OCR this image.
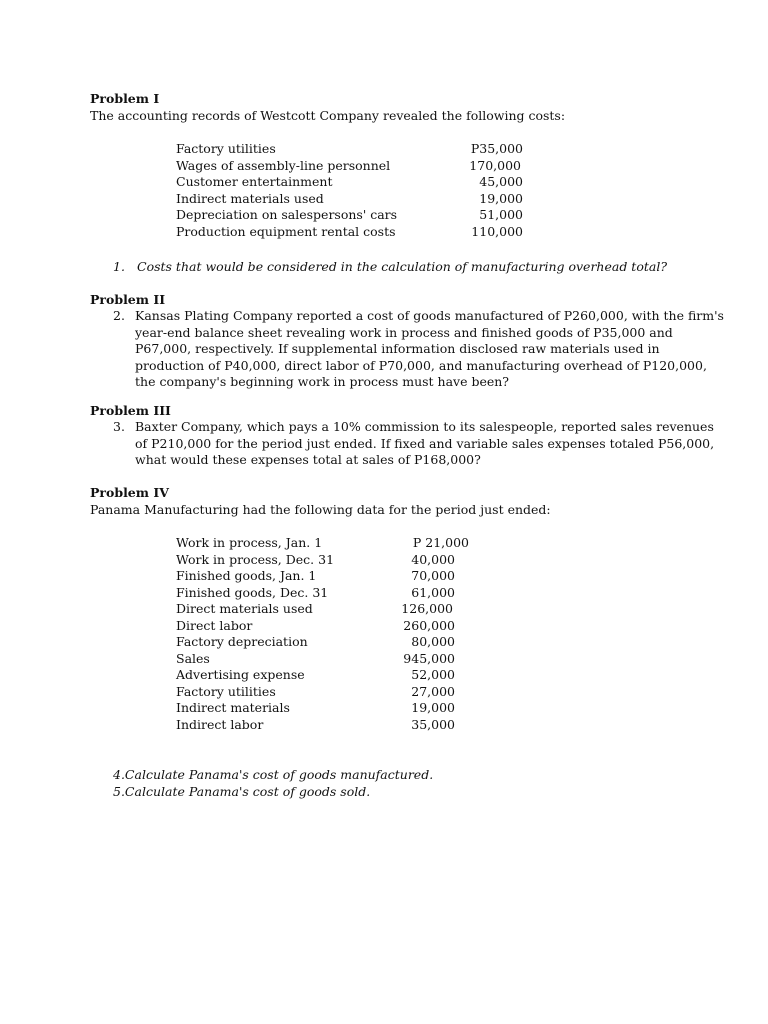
Problem I
The accounting records of Westcott Company revealed the following costs:
Factory utilities	P35,000
Wages of assembly-line personnel	170,000
Customer entertainment	45,000
Indirect materials used	19,000
Depreciation on salespersons' cars	51,000
Production equipment rental costs	110,000
1. Costs that would be considered in the calculation of manufacturing overhead total?
Problem II
2. Kansas Plating Company reported a cost of goods manufactured of P260,000, with the firm's
year-end balance sheet revealing work in process and finished goods of P35,000 and
P67,000, respectively. If supplemental information disclosed raw materials used in
production of P40,000, direct labor of P70,000, and manufacturing overhead of P120,000,
the company's beginning work in process must have been?
Problem III
3. Baxter Company, which pays a 10% commission to its salespeople, reported sales revenues
of P210,000 for the period just ended. If fixed and variable sales expenses totaled P56,000,
what would these expenses total at sales of P168,000?
Problem IV
Panama Manufacturing had the following data for the period just ended:
Work in process, Jan. 1	P 21,000
Work in process, Dec. 31	40,000
Finished goods, Jan. 1	70,000
Finished goods, Dec. 31	61,000
Direct materials used	126,000
Direct labor	260,000
Factory depreciation	80,000
Sales	945,000
Advertising expense	52,000
Factory utilities	27,000
Indirect materials	19,000
Indirect labor	35,000
4.Calculate Panama's cost of goods manufactured.
5.Calculate Panama's cost of goods sold.
